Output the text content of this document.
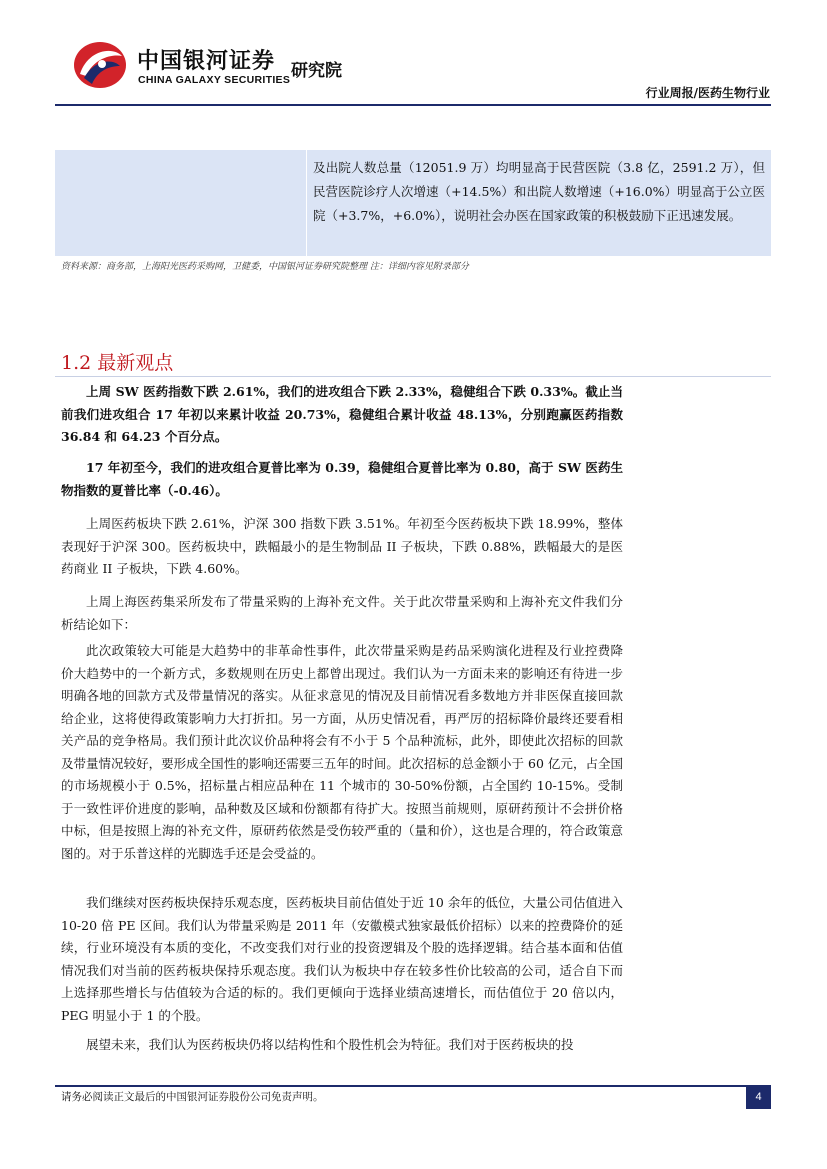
中国银河证券
CHINA GALAXY SECURITIES 研究院
行业周报/医药生物行业
及出院人数总量（12051.9 万）均明显高于民营医院（3.8 亿，2591.2 万），但民营医院诊疗人次增速（+14.5%）和出院人数增速（+16.0%）明显高于公立医院（+3.7%，+6.0%），说明社会办医在国家政策的积极鼓励下正迅速发展。
资料来源：商务部，上海阳光医药采购网，卫健委，中国银河证券研究院整理 注：详细内容见附录部分
1.2 最新观点

上周 SW 医药指数下跌 2.61%，我们的进攻组合下跌 2.33%，稳健组合下跌 0.33%。截止当前我们进攻组合 17 年初以来累计收益 20.73%，稳健组合累计收益 48.13%，分别跑赢医药指数 36.84 和 64.23 个百分点。

17 年初至今，我们的进攻组合夏普比率为 0.39，稳健组合夏普比率为 0.80，高于 SW 医药生物指数的夏普比率（-0.46）。

上周医药板块下跌 2.61%，沪深 300 指数下跌 3.51%。年初至今医药板块下跌 18.99%，整体表现好于沪深 300。医药板块中，跌幅最小的是生物制品 II 子板块，下跌 0.88%，跌幅最大的是医药商业 II 子板块，下跌 4.60%。

上周上海医药集采所发布了带量采购的上海补充文件。关于此次带量采购和上海补充文件我们分析结论如下：

此次政策较大可能是大趋势中的非革命性事件，此次带量采购是药品采购演化进程及行业控费降价大趋势中的一个新方式，多数规则在历史上都曾出现过。我们认为一方面未来的影响还有待进一步明确各地的回款方式及带量情况的落实。从征求意见的情况及目前情况看多数地方并非医保直接回款给企业，这将使得政策影响力大打折扣。另一方面，从历史情况看，再严厉的招标降价最终还要看相关产品的竞争格局。我们预计此次议价品种将会有不小于 5 个品种流标，此外，即使此次招标的回款及带量情况较好，要形成全国性的影响还需要三五年的时间。此次招标的总金额小于 60 亿元，占全国的市场规模小于 0.5%，招标量占相应品种在 11 个城市的 30-50%份额，占全国约 10-15%。受制于一致性评价进度的影响，品种数及区域和份额都有待扩大。按照当前规则，原研药预计不会拼价格中标，但是按照上海的补充文件，原研药依然是受伤较严重的（量和价），这也是合理的，符合政策意图的。对于乐普这样的光脚选手还是会受益的。

我们继续对医药板块保持乐观态度，医药板块目前估值处于近 10 余年的低位，大量公司估值进入 10-20 倍 PE 区间。我们认为带量采购是 2011 年（安徽模式独家最低价招标）以来的控费降价的延续，行业环境没有本质的变化，不改变我们对行业的投资逻辑及个股的选择逻辑。结合基本面和估值情况我们对当前的医药板块保持乐观态度。我们认为板块中存在较多性价比较高的公司，适合自下而上选择那些增长与估值较为合适的标的。我们更倾向于选择业绩高速增长，而估值位于 20 倍以内，PEG 明显小于 1 的个股。

展望未来，我们认为医药板块仍将以结构性和个股性机会为特征。我们对于医药板块的投

请务必阅读正文最后的中国银河证券股份公司免责声明。	4
